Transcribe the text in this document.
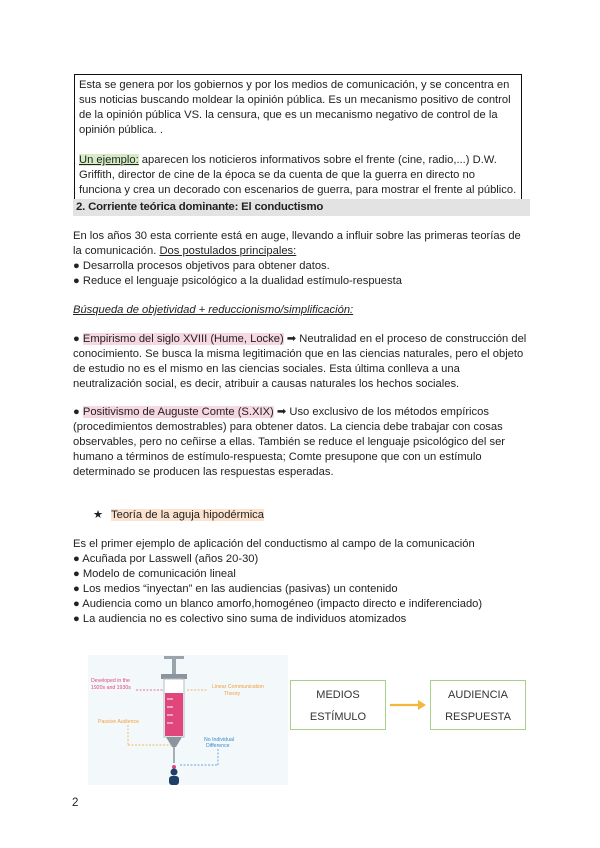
Esta se genera por los gobiernos y por los medios de comunicación, y se concentra en sus noticias buscando moldear la opinión pública. Es un mecanismo positivo de control de la opinión pública VS. la censura, que es un mecanismo negativo de control de la opinión pública. .

Un ejemplo: aparecen los noticieros informativos sobre el frente (cine, radio,...) D.W. Griffith, director de cine de la época se da cuenta de que la guerra en directo no funciona y crea un decorado con escenarios de guerra, para mostrar el frente al público.

2. Corriente teórica dominante: El conductismo

En los años 30 esta corriente está en auge, llevando a influir sobre las primeras teorías de la comunicación. Dos postulados principales:

● Desarrolla procesos objetivos para obtener datos.

● Reduce el lenguaje psicológico a la dualidad estímulo-respuesta

Búsqueda de objetividad + reduccionismo/simplificación:

● Empirismo del siglo XVIII (Hume, Locke) ➡ Neutralidad en el proceso de construcción del conocimiento. Se busca la misma legitimación que en las ciencias naturales, pero el objeto de estudio no es el mismo en las ciencias sociales. Esta última conlleva a una neutralización social, es decir, atribuir a causas naturales los hechos sociales.

● Positivismo de Auguste Comte (S.XIX) ➡ Uso exclusivo de los métodos empíricos (procedimientos demostrables) para obtener datos. La ciencia debe trabajar con cosas observables, pero no ceñirse a ellas. También se reduce el lenguaje psicológico del ser humano a términos de estímulo-respuesta; Comte presupone que con un estímulo determinado se producen las respuestas esperadas.

★ Teoría de la aguja hipodérmica

Es el primer ejemplo de aplicación del conductismo al campo de la comunicación

● Acuñada por Lasswell (años 20-30)

● Modelo de comunicación lineal

● Los medios “inyectan” en las audiencias (pasivas) un contenido

● Audiencia como un blanco amorfo,homogéneo (impacto directo e indiferenciado)

● La audiencia no es colectivo sino suma de individuos atomizados

Developed in the
1920s and 1930s	Linear Communication
Theory
Passive Audience
No Individual
Difference
MEDIOS
ESTÍMULO
AUDIENCIA
RESPUESTA
2
